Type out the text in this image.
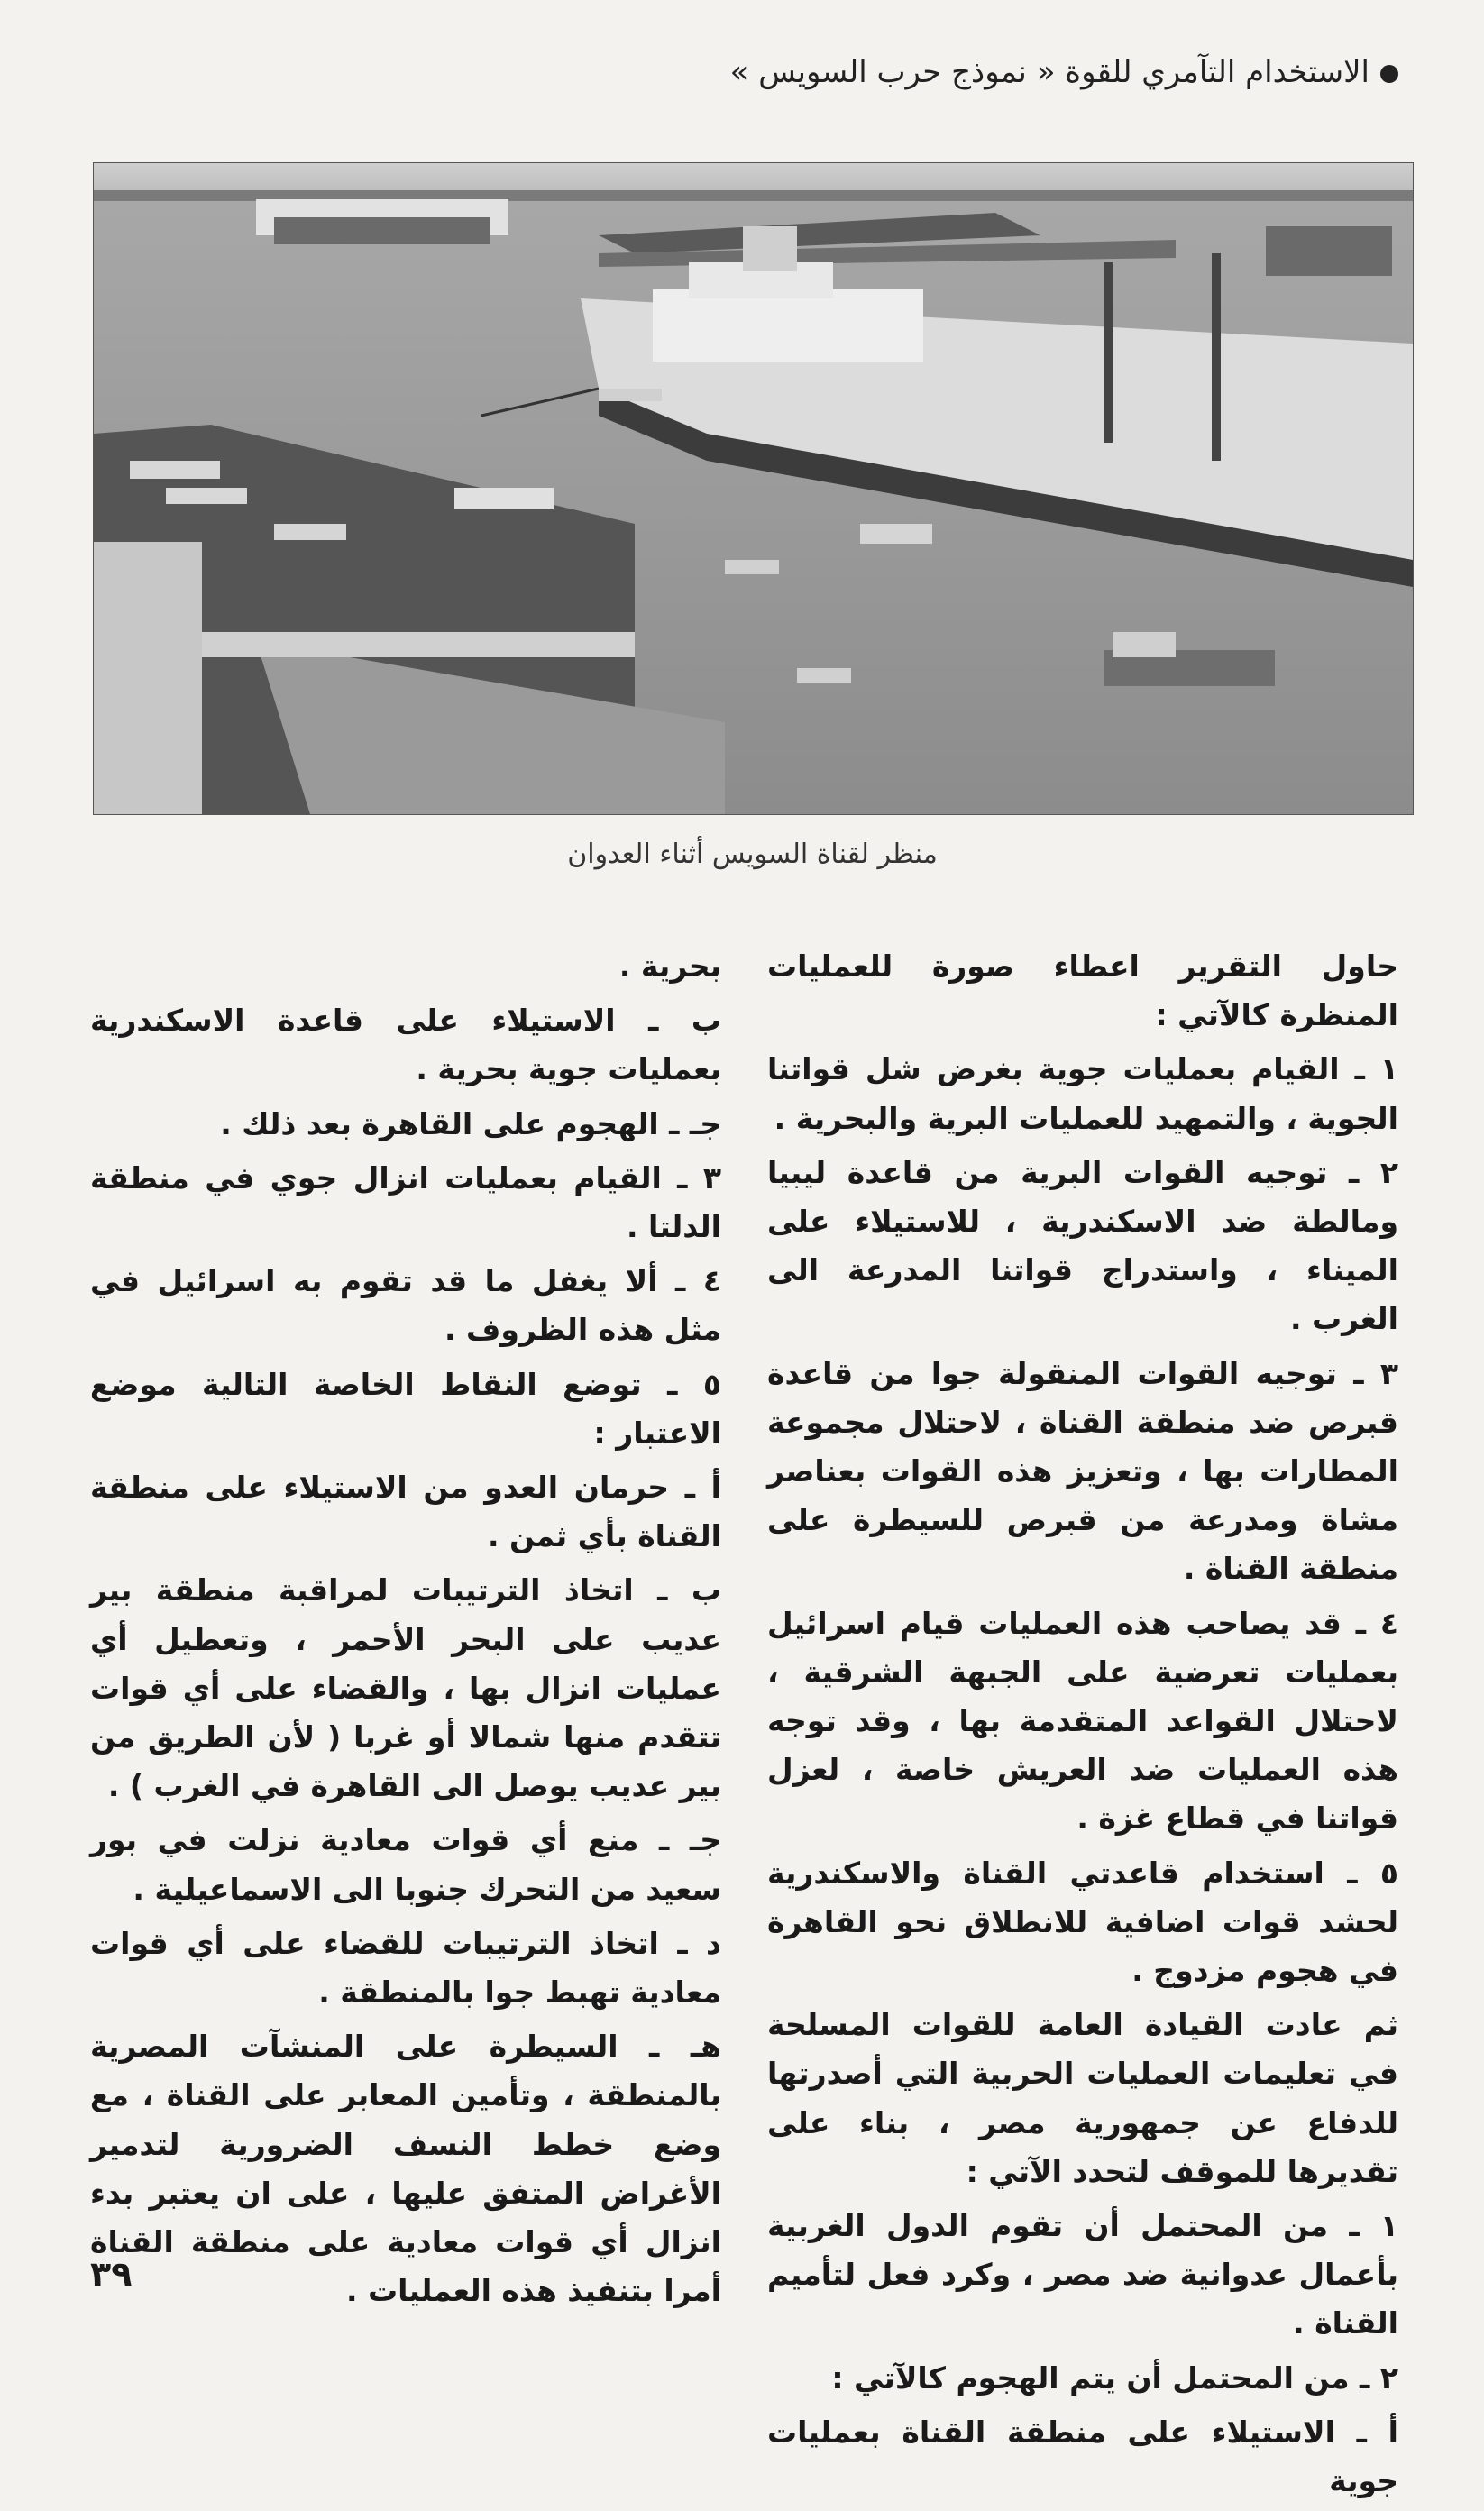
الاستخدام التآمري للقوة « نموذج حرب السويس »
منظر لقناة السويس أثناء العدوان

حاول التقرير اعطاء صورة للعمليات المنظرة كالآتي :

١ ـ القيام بعمليات جوية بغرض شل قواتنا الجوية ، والتمهيد للعمليات البرية والبحرية .

٢ ـ توجيه القوات البرية من قاعدة ليبيا ومالطة ضد الاسكندرية ، للاستيلاء على الميناء ، واستدراج قواتنا المدرعة الى الغرب .

٣ ـ توجيه القوات المنقولة جوا من قاعدة قبرص ضد منطقة القناة ، لاحتلال مجموعة المطارات بها ، وتعزيز هذه القوات بعناصر مشاة ومدرعة من قبرص للسيطرة على منطقة القناة .

٤ ـ قد يصاحب هذه العمليات قيام اسرائيل بعمليات تعرضية على الجبهة الشرقية ، لاحتلال القواعد المتقدمة بها ، وقد توجه هذه العمليات ضد العريش خاصة ، لعزل قواتنا في قطاع غزة .

٥ ـ استخدام قاعدتي القناة والاسكندرية لحشد قوات اضافية للانطلاق نحو القاهرة في هجوم مزدوج .

ثم عادت القيادة العامة للقوات المسلحة في تعليمات العمليات الحربية التي أصدرتها للدفاع عن جمهورية مصر ، بناء على تقديرها للموقف لتحدد الآتي :

١ ـ من المحتمل أن تقوم الدول الغربية بأعمال عدوانية ضد مصر ، وكرد فعل لتأميم القناة .

٢ ـ من المحتمل أن يتم الهجوم كالآتي :

أ ـ الاستيلاء على منطقة القناة بعمليات جوية

بحرية .

ب ـ الاستيلاء على قاعدة الاسكندرية بعمليات جوية بحرية .

جـ ـ الهجوم على القاهرة بعد ذلك .

٣ ـ القيام بعمليات انزال جوي في منطقة الدلتا .

٤ ـ ألا يغفل ما قد تقوم به اسرائيل في مثل هذه الظروف .

٥ ـ توضع النقاط الخاصة التالية موضع الاعتبار :

أ ـ حرمان العدو من الاستيلاء على منطقة القناة بأي ثمن .

ب ـ اتخاذ الترتيبات لمراقبة منطقة بير عديب على البحر الأحمر ، وتعطيل أي عمليات انزال بها ، والقضاء على أي قوات تتقدم منها شمالا أو غربا ( لأن الطريق من بير عديب يوصل الى القاهرة في الغرب ) .

جـ ـ منع أي قوات معادية نزلت في بور سعيد من التحرك جنوبا الى الاسماعيلية .

د ـ اتخاذ الترتيبات للقضاء على أي قوات معادية تهبط جوا بالمنطقة .

هـ ـ السيطرة على المنشآت المصرية بالمنطقة ، وتأمين المعابر على القناة ، مع وضع خطط النسف الضرورية لتدمير الأغراض المتفق عليها ، على ان يعتبر بدء انزال أي قوات معادية على منطقة القناة أمرا بتنفيذ هذه العمليات .

٣٩
